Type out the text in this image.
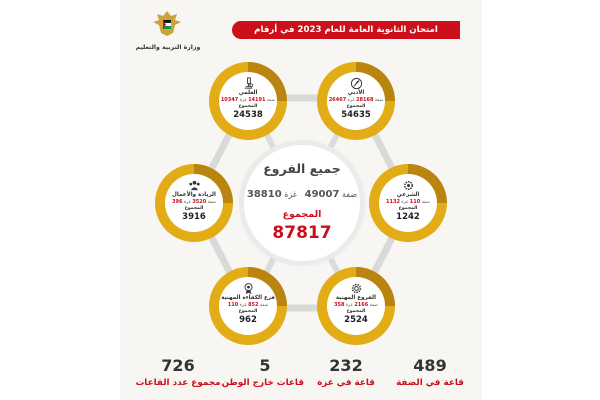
وزارة التربية والتعليم
امتحان الثانوية العامة للعام 2023 في أرقام
جميع الفروع
ضفة 49007   غزة 38810
المجموع
87817
العلمي
ضفة 14191 غزة 10347
المجموع
24538
الأدبي
ضفة 28168 غزة 26467
المجموع
54635
الريادة والأعمال
ضفة 3520 غزة 396
المجموع
3916
الشرعي
ضفة 110 غزة 1132
المجموع
1242
فرع الكفاءة المهنية
ضفة 852 غزة 110
المجموع
962
الفروع المهنية
ضفة 2166 غزة 358
المجموع
2524
726
مجموع عدد القاعات
5
قاعات خارج الوطن
232
قاعة في غزة
489
قاعة في الضفة
